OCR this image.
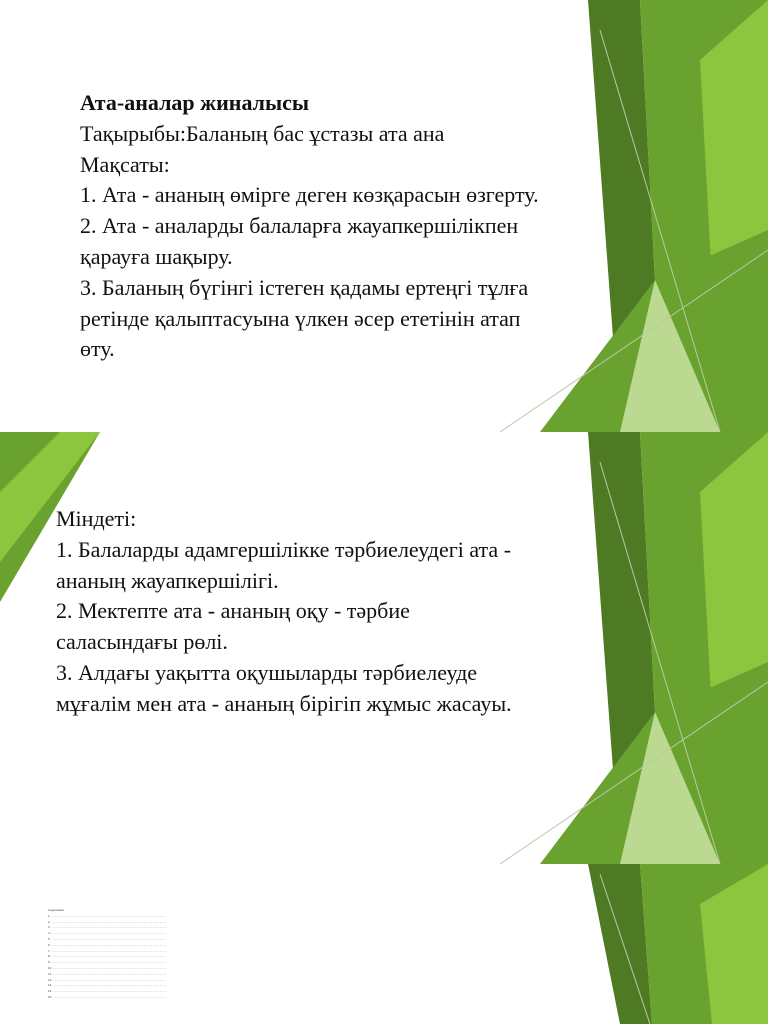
Ата-аналар жиналысы
Тақырыбы:Баланың бас ұстазы ата ана
Мақсаты:
1. Ата - ананың өмірге деген көзқарасын өзгерту.
2. Ата - аналарды балаларға жауапкершілікпен
қарауға шақыру.
3. Баланың бүгінгі істеген қадамы ертеңгі тұлға
ретінде қалыптасуына үлкен әсер ететінін атап
өту.
Міндеті:
1. Балаларды адамгершілікке тәрбиелеудегі ата -
ананың жауапкершілігі.
2. Мектепте ата - ананың оқу - тәрбие
саласындағы рөлі.
3. Алдағы уақытта оқушыларды тәрбиелеуде
мұғалім мен ата - ананың бірігіп жұмыс жасауы.
Сауалнама
1. ..........................................................................................................................................
2. ..........................................................................................................................................
3. ..........................................................................................................................................
4. ..........................................................................................................................................
5. ..........................................................................................................................................
6. ..........................................................................................................................................
7. ..........................................................................................................................................
8. ..........................................................................................................................................
9. ..........................................................................................................................................
10. ........................................................................................................................................
11. ........................................................................................................................................
12. ........................................................................................................................................
13. ........................................................................................................................................
14. ........................................................................................................................................
15. ........................................................................................................................................
